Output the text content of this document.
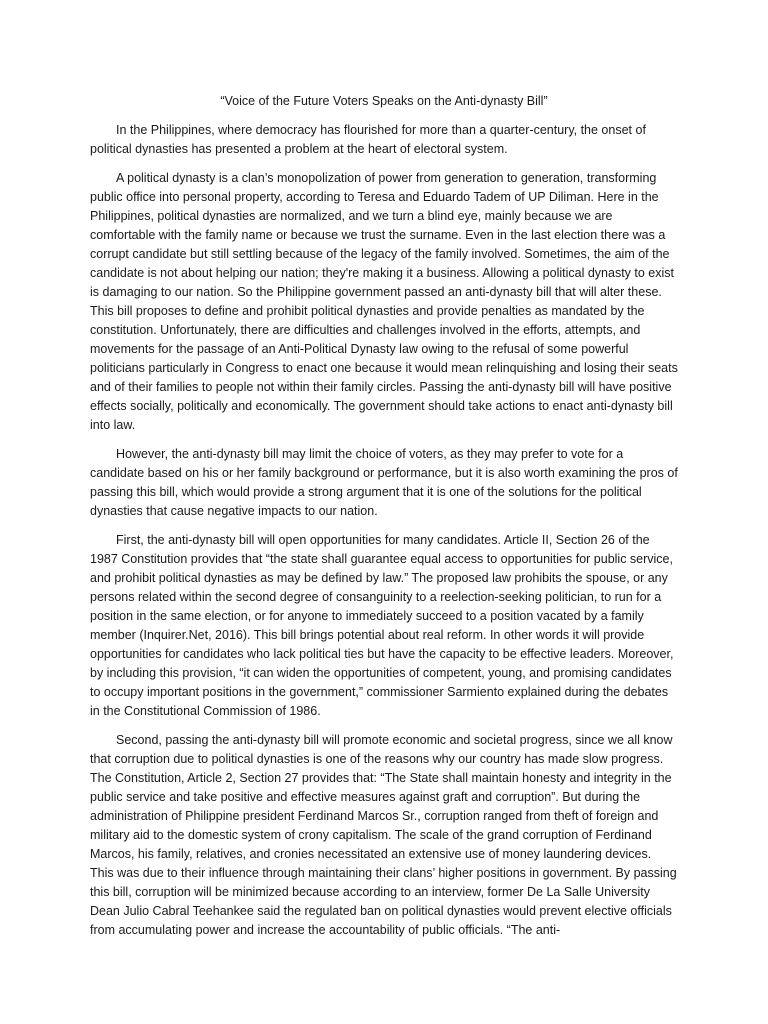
“Voice of the Future Voters Speaks on the Anti-dynasty Bill”

In the Philippines, where democracy has flourished for more than a quarter-century, the onset of political dynasties has presented a problem at the heart of electoral system.

A political dynasty is a clan’s monopolization of power from generation to generation, transforming public office into personal property, according to Teresa and Eduardo Tadem of UP Diliman. Here in the Philippines, political dynasties are normalized, and we turn a blind eye, mainly because we are comfortable with the family name or because we trust the surname. Even in the last election there was a corrupt candidate but still settling because of the legacy of the family involved. Sometimes, the aim of the candidate is not about helping our nation; they're making it a business. Allowing a political dynasty to exist is damaging to our nation. So the Philippine government passed an anti-dynasty bill that will alter these. This bill proposes to define and prohibit political dynasties and provide penalties as mandated by the constitution. Unfortunately, there are difficulties and challenges involved in the efforts, attempts, and movements for the passage of an Anti-Political Dynasty law owing to the refusal of some powerful politicians particularly in Congress to enact one because it would mean relinquishing and losing their seats and of their families to people not within their family circles. Passing the anti-dynasty bill will have positive effects socially, politically and economically. The government should take actions to enact anti-dynasty bill into law.

However, the anti-dynasty bill may limit the choice of voters, as they may prefer to vote for a candidate based on his or her family background or performance, but it is also worth examining the pros of passing this bill, which would provide a strong argument that it is one of the solutions for the political dynasties that cause negative impacts to our nation.

First, the anti-dynasty bill will open opportunities for many candidates. Article II, Section 26 of the 1987 Constitution provides that “the state shall guarantee equal access to opportunities for public service, and prohibit political dynasties as may be defined by law.” The proposed law prohibits the spouse, or any persons related within the second degree of consanguinity to a reelection-seeking politician, to run for a position in the same election, or for anyone to immediately succeed to a position vacated by a family member (Inquirer.Net, 2016). This bill brings potential about real reform. In other words it will provide opportunities for candidates who lack political ties but have the capacity to be effective leaders. Moreover, by including this provision, “it can widen the opportunities of competent, young, and promising candidates to occupy important positions in the government,” commissioner Sarmiento explained during the debates in the Constitutional Commission of 1986.

Second, passing the anti-dynasty bill will promote economic and societal progress, since we all know that corruption due to political dynasties is one of the reasons why our country has made slow progress. The Constitution, Article 2, Section 27 provides that: “The State shall maintain honesty and integrity in the public service and take positive and effective measures against graft and corruption”. But during the administration of Philippine president Ferdinand Marcos Sr., corruption ranged from theft of foreign and military aid to the domestic system of crony capitalism. The scale of the grand corruption of Ferdinand Marcos, his family, relatives, and cronies necessitated an extensive use of money laundering devices. This was due to their influence through maintaining their clans’ higher positions in government. By passing this bill, corruption will be minimized because according to an interview, former De La Salle University Dean Julio Cabral Teehankee said the regulated ban on political dynasties would prevent elective officials from accumulating power and increase the accountability of public officials. “The anti-
